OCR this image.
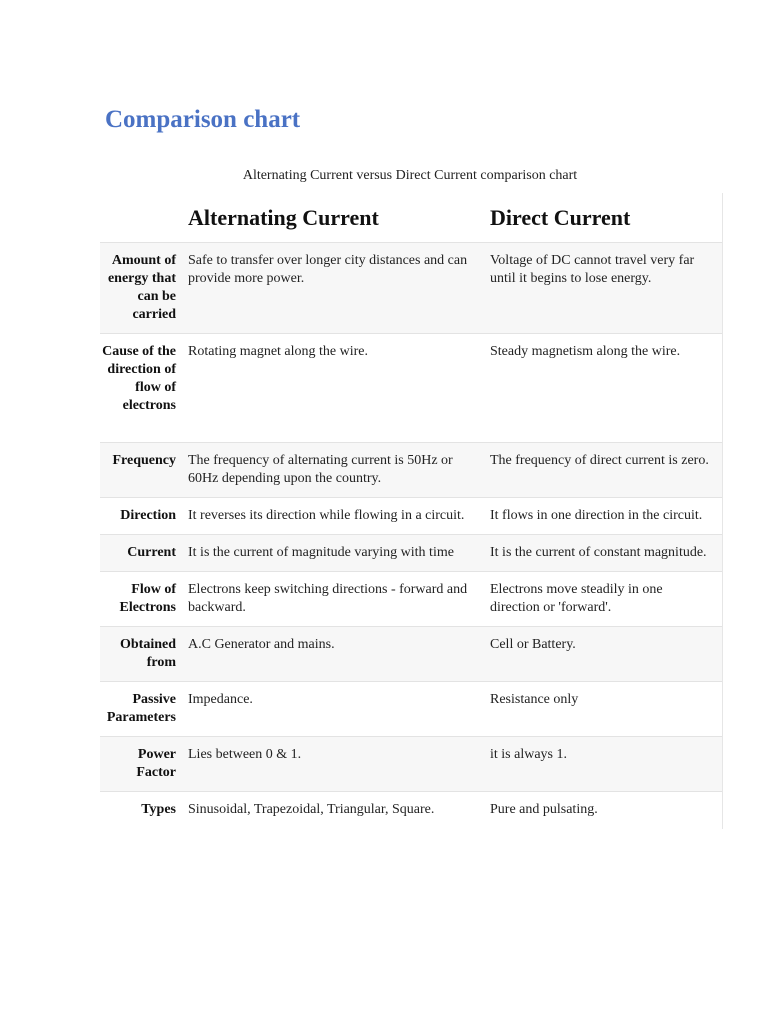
Comparison chart
Alternating Current versus Direct Current comparison chart
	Alternating Current	Direct Current
Amount of energy that can be carried	Safe to transfer over longer city distances and can provide more power.	Voltage of DC cannot travel very far until it begins to lose energy.
Cause of the direction of flow of electrons	Rotating magnet along the wire.	Steady magnetism along the wire.
Frequency	The frequency of alternating current is 50Hz or 60Hz depending upon the country.	The frequency of direct current is zero.
Direction	It reverses its direction while flowing in a circuit.	It flows in one direction in the circuit.
Current	It is the current of magnitude varying with time	It is the current of constant magnitude.
Flow of Electrons	Electrons keep switching directions - forward and backward.	Electrons move steadily in one direction or 'forward'.
Obtained from	A.C Generator and mains.	Cell or Battery.
Passive Parameters	Impedance.	Resistance only
Power Factor	Lies between 0 & 1.	it is always 1.
Types	Sinusoidal, Trapezoidal, Triangular, Square.	Pure and pulsating.
